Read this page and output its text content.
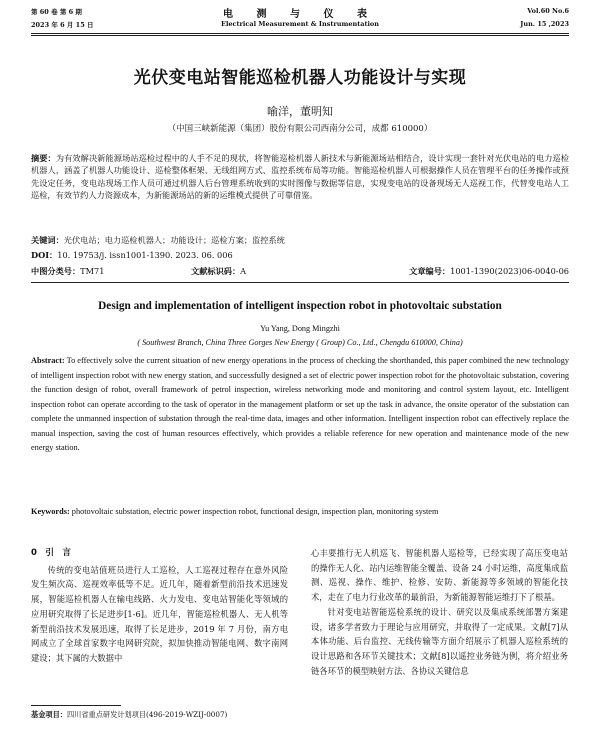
第 60 卷 第 6 期
2023 年 6 月 15 日
电 测 与 仪 表
Electrical Measurement & Instrumentation
Vol.60 No.6
Jun. 15 ,2023
光伏变电站智能巡检机器人功能设计与实现
喻洋，董明知
（中国三峡新能源（集团）股份有限公司西南分公司，成都 610000）
摘要：为有效解决新能源场站巡检过程中的人手不足的现状，将智能巡检机器人新技术与新能源场站相结合，设计实现一套针对光伏电站的电力巡检机器人，涵盖了机器人功能设计、巡检整体框架、无线组网方式、监控系统布局等功能。智能巡检机器人可根据操作人员在管理平台的任务操作或预先设定任务，变电站现场工作人员可通过机器人后台管理系统收到的实时图像与数据等信息，实现变电站的设备现场无人巡视工作，代替变电站人工巡检，有效节约人力资源成本，为新能源场站的新的运维模式提供了可靠借鉴。
关键词：光伏电站；电力巡检机器人；功能设计；巡检方案；监控系统
DOI：10. 19753/j. issn1001-1390. 2023. 06. 006
中图分类号：TM71	文献标识码：A	文章编号：1001-1390(2023)06-0040-06
Design and implementation of intelligent inspection robot in photovoltaic substation
Yu Yang, Dong Mingzhi
( Southwest Branch, China Three Gorges New Energy ( Group) Co., Ltd., Chengdu 610000, China)
Abstract: To effectively solve the current situation of new energy operations in the process of checking the shorthanded, this paper combined the new technology of intelligent inspection robot with new energy station, and successfully designed a set of electric power inspection robot for the photovoltaic substation, covering the function design of robot, overall framework of petrol inspection, wireless networking mode and monitoring and control system layout, etc. Intelligent inspection robot can operate according to the task of operator in the management platform or set up the task in advance, the onsite operator of the substation can complete the unmanned inspection of substation through the real-time data, images and other information. Intelligent inspection robot can effectively replace the manual inspection, saving the cost of human resources effectively, which provides a reliable reference for new operation and maintenance mode of the new energy station.
Keywords: photovoltaic substation, electric power inspection robot, functional design, inspection plan, monitoring system
0　引　言
传统的变电站值班员进行人工巡检，人工巡视过程存在意外风险发生频次高、巡视效率低等不足。近几年，随着新型前沿技术迅速发展，智能巡检机器人在输电线路、火力发电、变电站智能化等领域的应用研究取得了长足进步[1-6]。近几年，智能巡检机器人、无人机等新型前沿技术发展迅速，取得了长足进步，2019 年 7 月份，南方电网成立了全球首家数字电网研究院，拟加快推动智能电网、数字南网建设；其下属的大数据中
心丰要推行无人机巡飞、智能机器人巡检等，已经实现了高压变电站的操作无人化、站内运维智能全覆盖、设备 24 小时运维，高度集成监测、巡视、操作、维护、检修、安防、新能源等多领域的智能化技术，走在了电力行业改革的最前沿，为新能源智能运维打下了根基。
针对变电站智能巡检系统的设计、研究以及集成系统部署方案建设，诸多学者致力于理论与应用研究，并取得了一定成果。文献[7]从本体功能、后台监控、无线传输等方面介绍展示了机器人巡检系统的设计思路和各环节关键技术；文献[8]以遥控业务链为例，将介绍业务链各环节的模型映射方法、各协议关键信息
基金项目：四川省重点研发计划项目(496-2019-WZIJ-0007)
